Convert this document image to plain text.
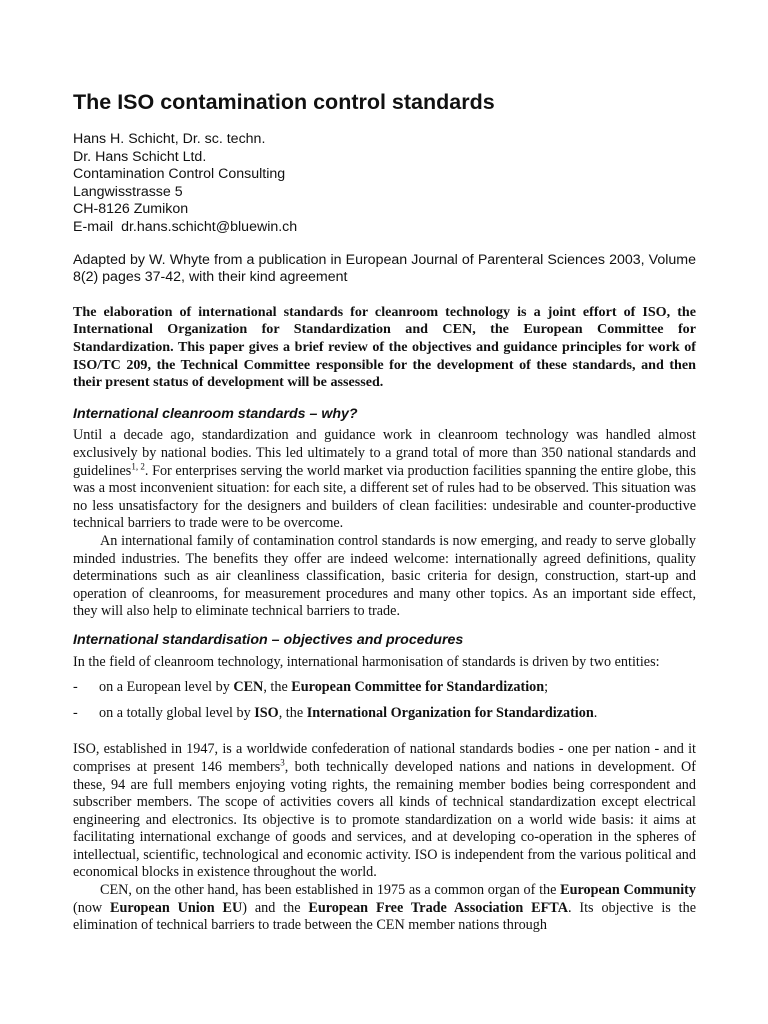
The ISO contamination control standards
Hans H. Schicht, Dr. sc. techn.
Dr. Hans Schicht Ltd.
Contamination Control Consulting
Langwisstrasse 5
CH-8126 Zumikon
E-mail dr.hans.schicht@bluewin.ch

Adapted by W. Whyte from a publication in European Journal of Parenteral Sciences 2003, Volume 8(2) pages 37-42, with their kind agreement

The elaboration of international standards for cleanroom technology is a joint effort of ISO, the International Organization for Standardization and CEN, the European Committee for Standardization. This paper gives a brief review of the objectives and guidance principles for work of ISO/TC 209, the Technical Committee responsible for the development of these standards, and then their present status of development will be assessed.

International cleanroom standards – why?

Until a decade ago, standardization and guidance work in cleanroom technology was handled almost exclusively by national bodies. This led ultimately to a grand total of more than 350 national standards and guidelines$^{1, 2}$. For enterprises serving the world market via production facilities spanning the entire globe, this was a most inconvenient situation: for each site, a different set of rules had to be observed. This situation was no less unsatisfactory for the designers and builders of clean facilities: undesirable and counter-productive technical barriers to trade were to be overcome.

An international family of contamination control standards is now emerging, and ready to serve globally minded industries. The benefits they offer are indeed welcome: internationally agreed definitions, quality determinations such as air cleanliness classification, basic criteria for design, construction, start-up and operation of cleanrooms, for measurement procedures and many other topics. As an important side effect, they will also help to eliminate technical barriers to trade.

International standardisation – objectives and procedures

In the field of cleanroom technology, international harmonisation of standards is driven by two entities:

-	on a European level by CEN, the European Committee for Standardization;
-	on a totally global level by ISO, the International Organization for Standardization.

ISO, established in 1947, is a worldwide confederation of national standards bodies - one per nation - and it comprises at present 146 members$^3$, both technically developed nations and nations in development. Of these, 94 are full members enjoying voting rights, the remaining member bodies being correspondent and subscriber members. The scope of activities covers all kinds of technical standardization except electrical engineering and electronics. Its objective is to promote standardization on a world wide basis: it aims at facilitating international exchange of goods and services, and at developing co-operation in the spheres of intellectual, scientific, technological and economic activity. ISO is independent from the various political and economical blocks in existence throughout the world.

CEN, on the other hand, has been established in 1975 as a common organ of the European Community (now European Union EU) and the European Free Trade Association EFTA. Its objective is the elimination of technical barriers to trade between the CEN member nations through
